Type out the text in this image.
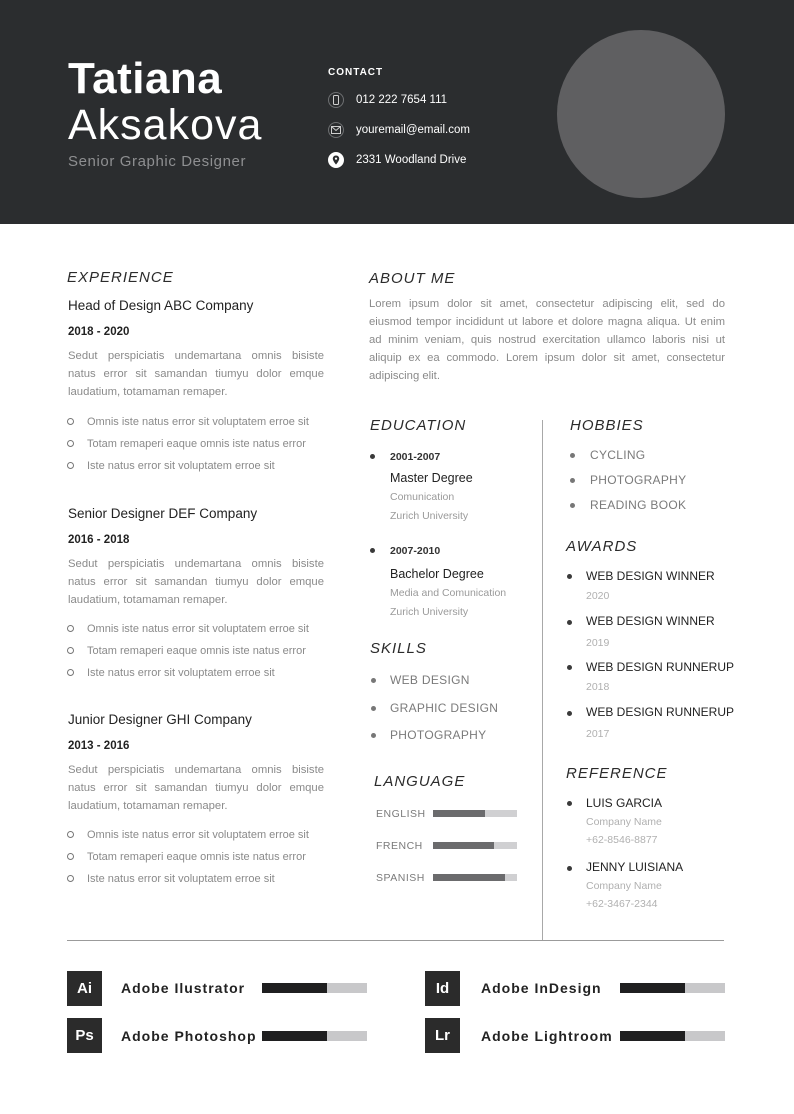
Tatiana
Aksakova
Senior Graphic Designer
CONTACT
012 222 7654 111
youremail@email.com
2331 Woodland Drive
EXPERIENCE
Head of Design ABC Company
2018 - 2020
Sedut perspiciatis undemartana omnis bisiste natus error sit samandan tiumyu dolor emque laudatium, totamaman remaper.
Omnis iste natus error sit voluptatem erroe sit
Totam remaperi eaque omnis iste natus error
Iste natus error sit voluptatem erroe sit
Senior Designer DEF Company
2016 - 2018
Sedut perspiciatis undemartana omnis bisiste natus error sit samandan tiumyu dolor emque laudatium, totamaman remaper.
Omnis iste natus error sit voluptatem erroe sit
Totam remaperi eaque omnis iste natus error
Iste natus error sit voluptatem erroe sit
Junior Designer GHI Company
2013 - 2016
Sedut perspiciatis undemartana omnis bisiste natus error sit samandan tiumyu dolor emque laudatium, totamaman remaper.
Omnis iste natus error sit voluptatem erroe sit
Totam remaperi eaque omnis iste natus error
Iste natus error sit voluptatem erroe sit
ABOUT ME
Lorem ipsum dolor sit amet, consectetur adipiscing elit, sed do eiusmod tempor incididunt ut labore et dolore magna aliqua. Ut enim ad minim veniam, quis nostrud exercitation ullamco laboris nisi ut aliquip ex ea commodo. Lorem ipsum dolor sit amet, consectetur adipiscing elit.
EDUCATION
2001-2007
Master Degree
Comunication
Zurich University
2007-2010
Bachelor Degree
Media and Comunication
Zurich University
SKILLS
WEB DESIGN
GRAPHIC DESIGN
PHOTOGRAPHY
LANGUAGE
ENGLISH
FRENCH
SPANISH
HOBBIES
CYCLING
PHOTOGRAPHY
READING BOOK
AWARDS
WEB DESIGN WINNER
2020
WEB DESIGN WINNER
2019
WEB DESIGN RUNNERUP
2018
WEB DESIGN RUNNERUP
2017
REFERENCE
LUIS GARCIA
Company Name
+62-8546-8877
JENNY LUISIANA
Company Name
+62-3467-2344
Ai	Adobe Ilustrator	Id	Adobe InDesign
Ps	Adobe Photoshop	Lr	Adobe Lightroom
